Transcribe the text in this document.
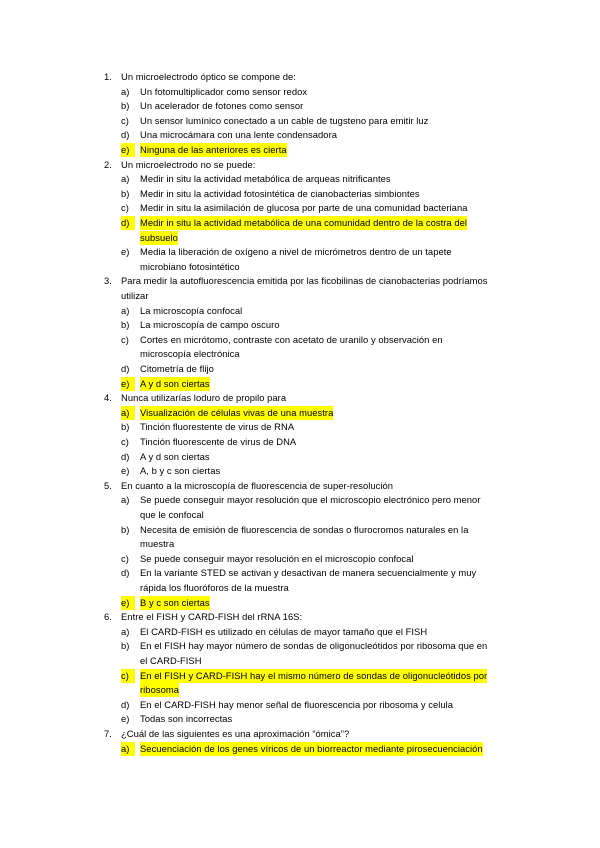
1. Un microelectrodo óptico se compone de:
a) Un fotomultiplicador como sensor redox
b) Un acelerador de fotones como sensor
c) Un sensor lumínico conectado a un cable de tugsteno para emitir luz
d) Una microcámara con una lente condensadora
e)	Ninguna de las anteriores es cierta
2. Un microelectrodo no se puede:
a) Medir in situ la actividad metabólica de arqueas nitrificantes
b) Medir in situ la actividad fotosintética de cianobacterias simbiontes
c) Medir in situ la asimilación de glucosa por parte de una comunidad bacteriana
d)	Medir in situ la actividad metabólica de una comunidad dentro de la costra del
subsuelo
e) Media la liberación de oxígeno a nivel de micrómetros dentro de un tapete
microbiano fotosintético
3. Para medir la autofluorescencia emitida por las ficobilinas de cianobacterias podríamos
utilizar
a) La microscopía confocal
b) La microscopía de campo oscuro
c) Cortes en micrótomo, contraste con acetato de uranilo y observación en
microscopía electrónica
d) Citometría de flijo
e)	A y d son ciertas
4. Nunca utilizarías loduro de propilo para
a)	Visualización de células vivas de una muestra
b) Tinción fluorestente de virus de RNA
c) Tinción fluorescente de virus de DNA
d) A y d son ciertas
e) A, b y c son ciertas
5. En cuanto a la microscopía de fluorescencia de super-resolución
a) Se puede conseguir mayor resolución que el microscopio electrónico pero menor
que le confocal
b) Necesita de emisión de fluorescencia de sondas o flurocromos naturales en la
muestra
c) Se puede conseguir mayor resolución en el microscopio confocal
d) En la variante STED se activan y desactivan de manera secuencialmente y muy
rápida los fluoróforos de la muestra
e)	B y c son ciertas
6. Entre el FISH y CARD-FISH del rRNA 16S:
a) El CARD-FISH es utilizado en células de mayor tamaño que el FISH
b) En el FISH hay mayor número de sondas de oligonucleótidos por ribosoma que en
el CARD-FISH
c)	En el FISH y CARD-FISH hay el mismo número de sondas de oligonucleótidos por
ribosoma
d) En el CARD-FISH hay menor señal de fluorescencia por ribosoma y celula
e) Todas son incorrectas
7. ¿Cuál de las siguientes es una aproximación “ómica”?
a)	Secuenciación de los genes víricos de un biorreactor mediante pirosecuenciación
